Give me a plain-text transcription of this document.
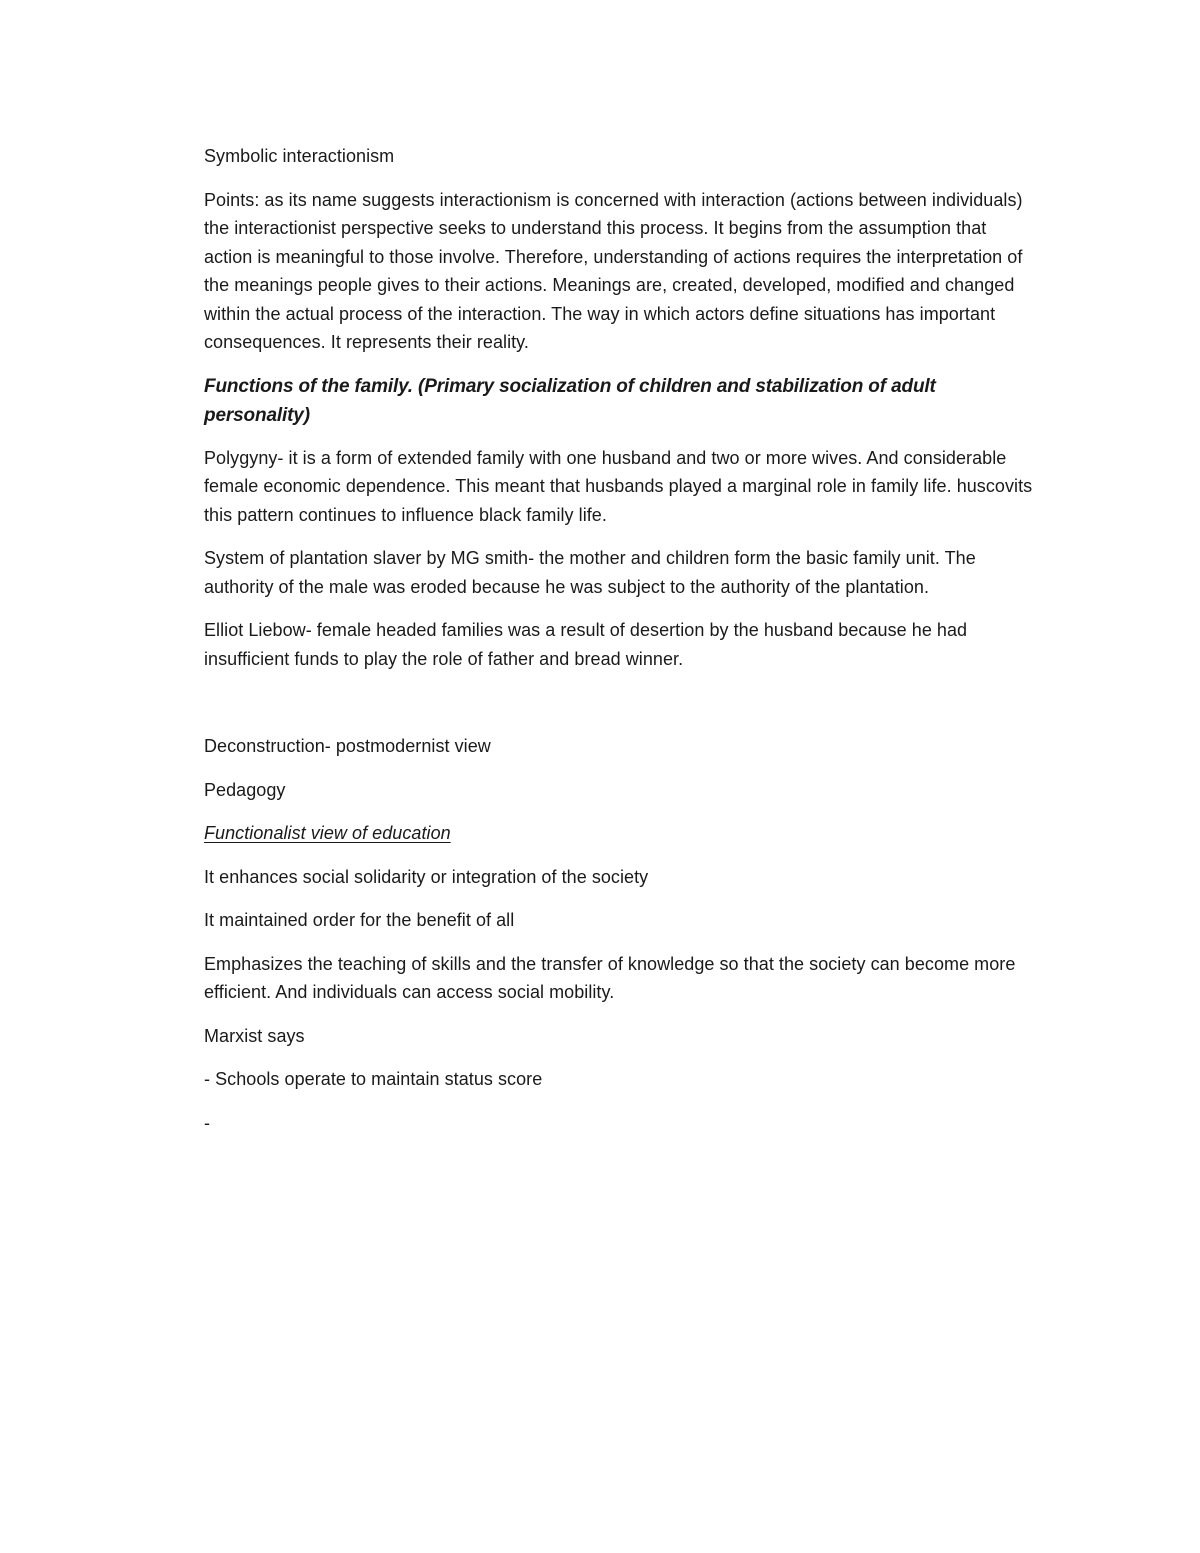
Symbolic interactionism

Points: as its name suggests interactionism is concerned with interaction (actions between individuals) the interactionist perspective seeks to understand this process. It begins from the assumption that action is meaningful to those involve. Therefore, understanding of actions requires the interpretation of the meanings people gives to their actions. Meanings are, created, developed, modified and changed within the actual process of the interaction. The way in which actors define situations has important consequences. It represents their reality.

Functions of the family. (Primary socialization of children and stabilization of adult personality)

Polygyny- it is a form of extended family with one husband and two or more wives. And considerable female economic dependence. This meant that husbands played a marginal role in family life. huscovits this pattern continues to influence black family life.

System of plantation slaver by MG smith- the mother and children form the basic family unit. The authority of the male was eroded because he was subject to the authority of the plantation.

Elliot Liebow- female headed families was a result of desertion by the husband because he had insufficient funds to play the role of father and bread winner.

Deconstruction- postmodernist view

Pedagogy

Functionalist view of education

It enhances social solidarity or integration of the society

It maintained order for the benefit of all

Emphasizes the teaching of skills and the transfer of knowledge so that the society can become more efficient. And individuals can access social mobility.

Marxist says

- Schools operate to maintain status score

-
